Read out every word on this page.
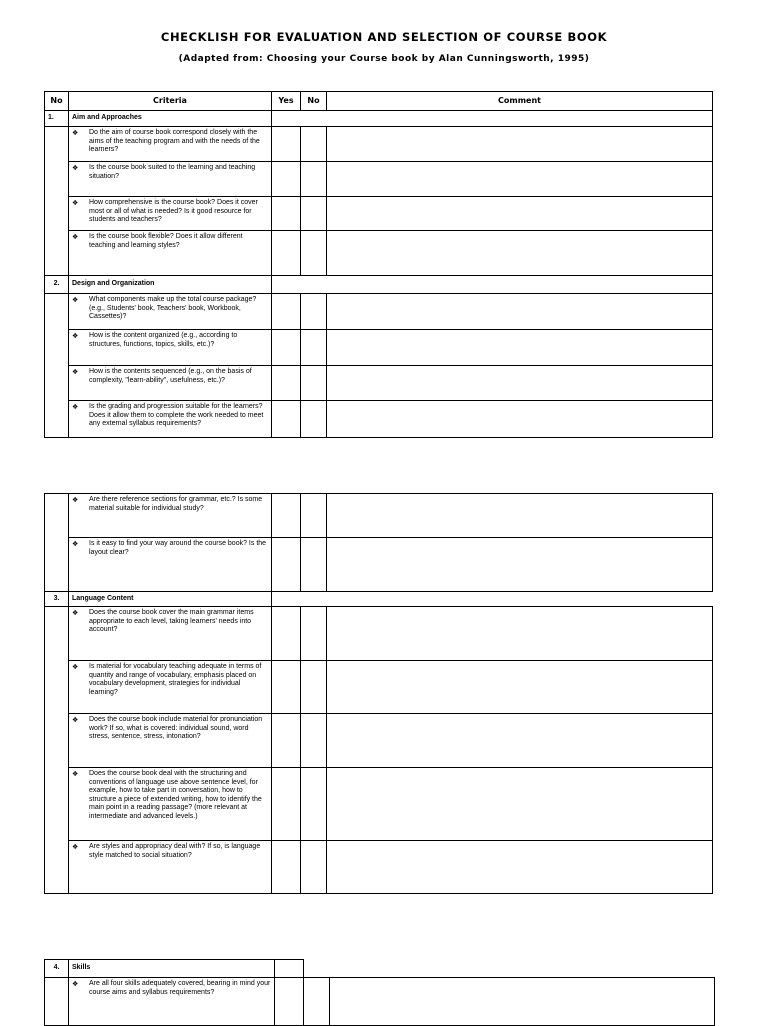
CHECKLISH FOR EVALUATION AND SELECTION OF COURSE BOOK
(Adapted from: Choosing your Course book by Alan Cunningsworth, 1995)
No	Criteria	Yes	No	Comment
1.	Aim and Approaches			

	❖ Do the aim of course book correspond closely with the aims of the teaching program and with the needs of the learners?			

	❖ Is the course book suited to the learning and teaching situation?			

	❖ How comprehensive is the course book? Does it cover most or all of what is needed? Is it good resource for students and teachers?			

	❖ Is the course book flexible? Does it allow different teaching and learning styles?			

2.	Design and Organization			

	❖ What components make up the total course package? (e.g., Students' book, Teachers' book, Workbook, Cassettes)?			

	❖ How is the content organized (e.g., according to structures, functions, topics, skills, etc.)?			

	❖ How is the contents sequenced (e.g., on the basis of complexity, "learn-ability", usefulness, etc.)?			

	❖ Is the grading and progression suitable for the learners? Does it allow them to complete the work needed to meet any external syllabus requirements?			

	❖ Are there reference sections for grammar, etc.? Is some material suitable for individual study?			

	❖ Is it easy to find your way around the course book? Is the layout clear?			

3.	Language Content			

	❖ Does the course book cover the main grammar items appropriate to each level, taking learners' needs into account?			

	❖ Is material for vocabulary teaching adequate in terms of quantity and range of vocabulary, emphasis placed on vocabulary development, strategies for individual learning?			

	❖ Does the course book include material for pronunciation work? If so, what is covered: individual sound, word stress, sentence, stress, intonation?			

	❖ Does the course book deal with the structuring and conventions of language use above sentence level, for example, how to take part in conversation, how to structure a piece of extended writing, how to identify the main point in a reading passage? (more relevant at intermediate and advanced levels.)			

	❖ Are styles and appropriacy deal with? If so, is language style matched to social situation?			

4.	Skills			

	❖ Are all four skills adequately covered, bearing in mind your course aims and syllabus requirements?			
